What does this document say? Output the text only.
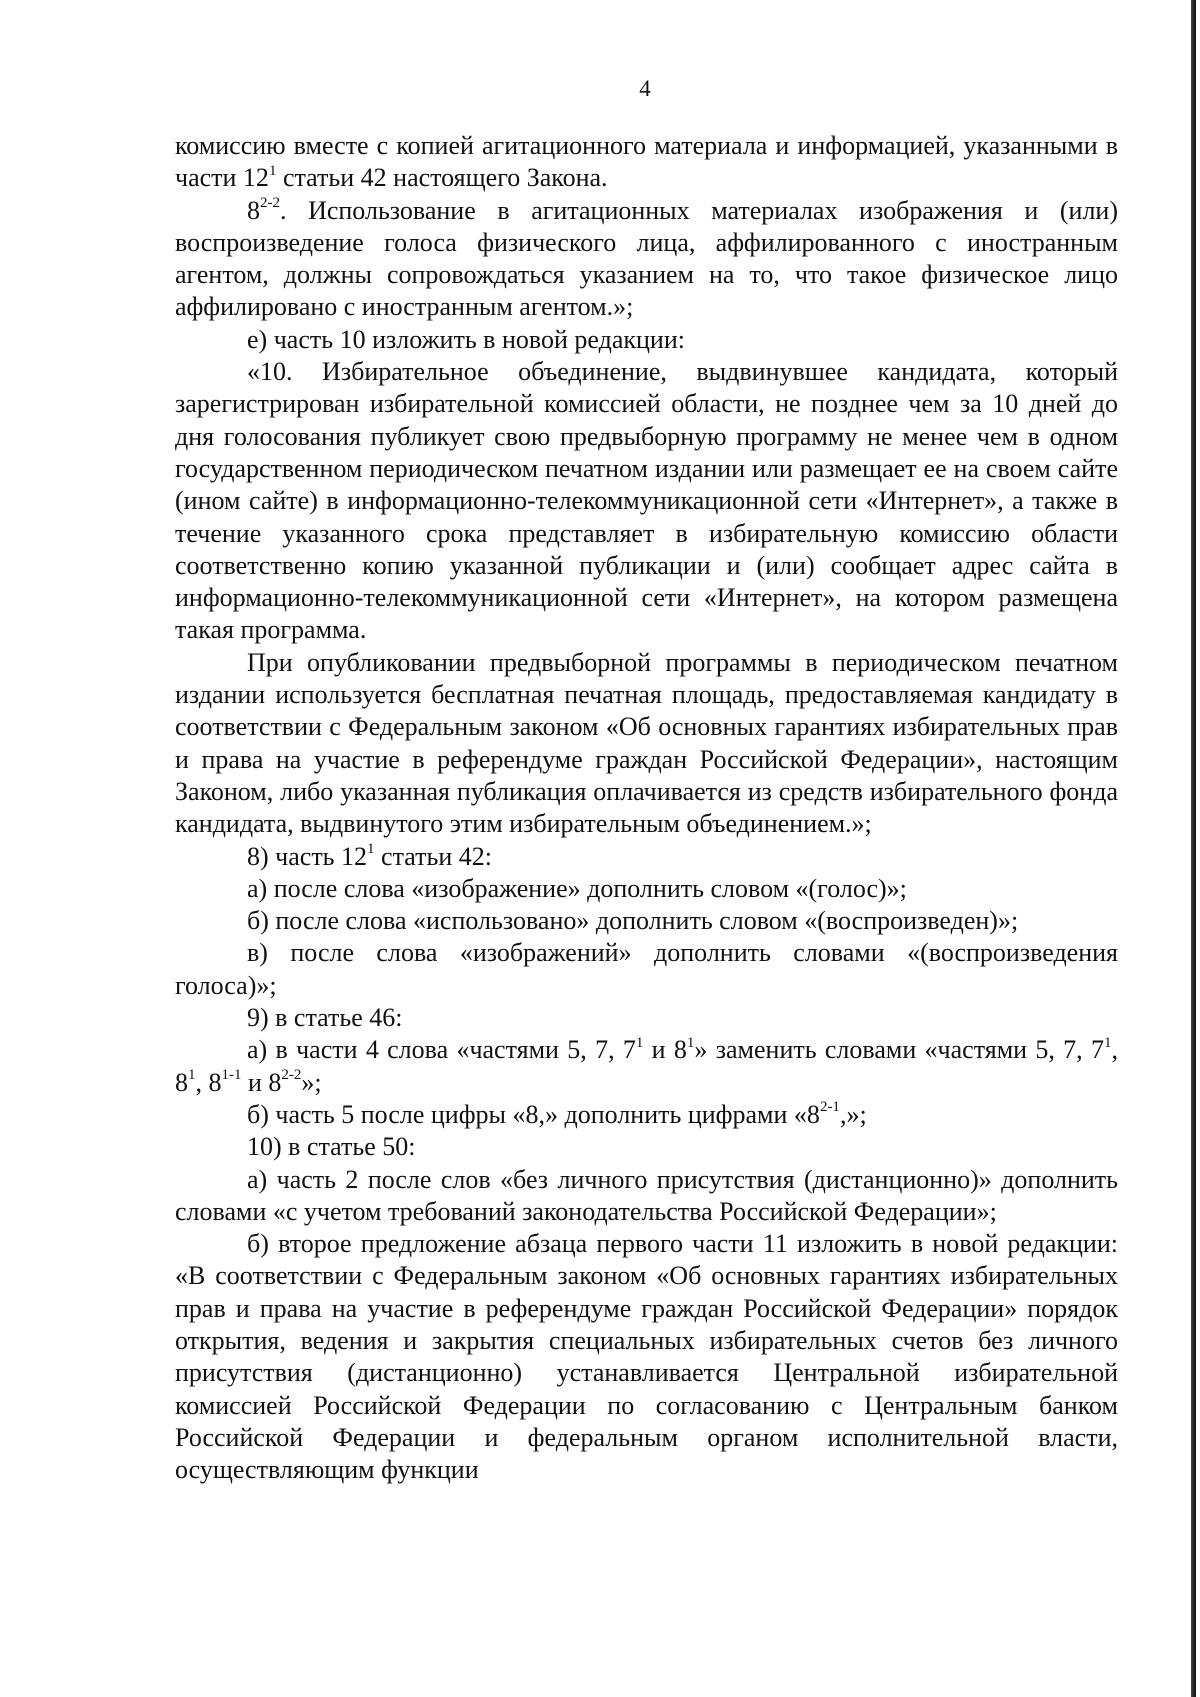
4

комиссию вместе с копией агитационного материала и информацией, указанными в части $12^1$ статьи 42 настоящего Закона.

8$^{2-2}$. Использование в агитационных материалах изображения и (или) воспроизведение голоса физического лица, аффилированного с иностранным агентом, должны сопровождаться указанием на то, что такое физическое лицо аффилировано с иностранным агентом.»;

е) часть 10 изложить в новой редакции:

«10. Избирательное объединение, выдвинувшее кандидата, который зарегистрирован избирательной комиссией области, не позднее чем за 10 дней до дня голосования публикует свою предвыборную программу не менее чем в одном государственном периодическом печатном издании или размещает ее на своем сайте (ином сайте) в информационно-телекоммуникационной сети «Интернет», а также в течение указанного срока представляет в избирательную комиссию области соответственно копию указанной публикации и (или) сообщает адрес сайта в информационно-телекоммуникационной сети «Интернет», на котором размещена такая программа.

При опубликовании предвыборной программы в периодическом печатном издании используется бесплатная печатная площадь, предоставляемая кандидату в соответствии с Федеральным законом «Об основных гарантиях избирательных прав и права на участие в референдуме граждан Российской Федерации», настоящим Законом, либо указанная публикация оплачивается из средств избирательного фонда кандидата, выдвинутого этим избирательным объединением.»;

8) часть $12^1$ статьи 42:

а) после слова «изображение» дополнить словом «(голос)»;

б) после слова «использовано» дополнить словом «(воспроизведен)»;

в) после слова «изображений» дополнить словами «(воспроизведения голоса)»;

9) в статье 46:

а) в части 4 слова «частями 5, 7, $7^1$ и $8^1$» заменить словами «частями 5, 7, $7^1$, $8^1$, 8$^{1-1}$ и 8$^{2-2}$»;

б) часть 5 после цифры «8,» дополнить цифрами «8$^{2-1}$,»;

10) в статье 50:

а) часть 2 после слов «без личного присутствия (дистанционно)» дополнить словами «с учетом требований законодательства Российской Федерации»;

б) второе предложение абзаца первого части 11 изложить в новой редакции: «В соответствии с Федеральным законом «Об основных гарантиях избирательных прав и права на участие в референдуме граждан Российской Федерации» порядок открытия, ведения и закрытия специальных избирательных счетов без личного присутствия (дистанционно) устанавливается Центральной избирательной комиссией Российской Федерации по согласованию с Центральным банком Российской Федерации и федеральным органом исполнительной власти, осуществляющим функции
